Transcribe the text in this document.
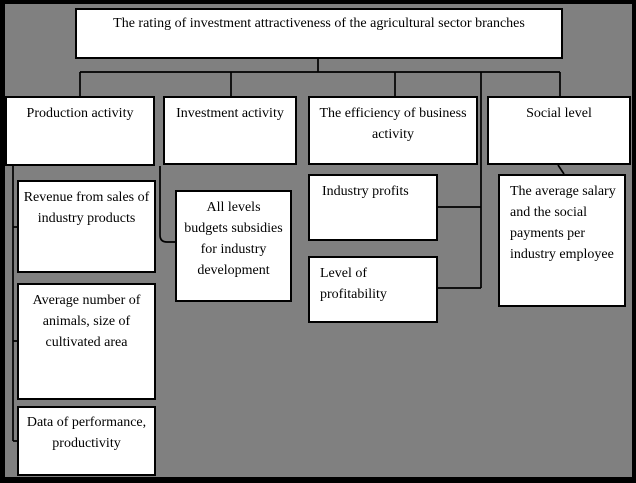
The rating of investment attractiveness of the agricultural sector branches
Production activity	Investment activity	The efficiency of business activity
Social level
Revenue from sales of industry products
Average number of animals, size of cultivated area
Data of performance, productivity
All levels budgets subsidies for industry development
Industry profits
Level of profitability
The average salary and the social payments per industry employee
